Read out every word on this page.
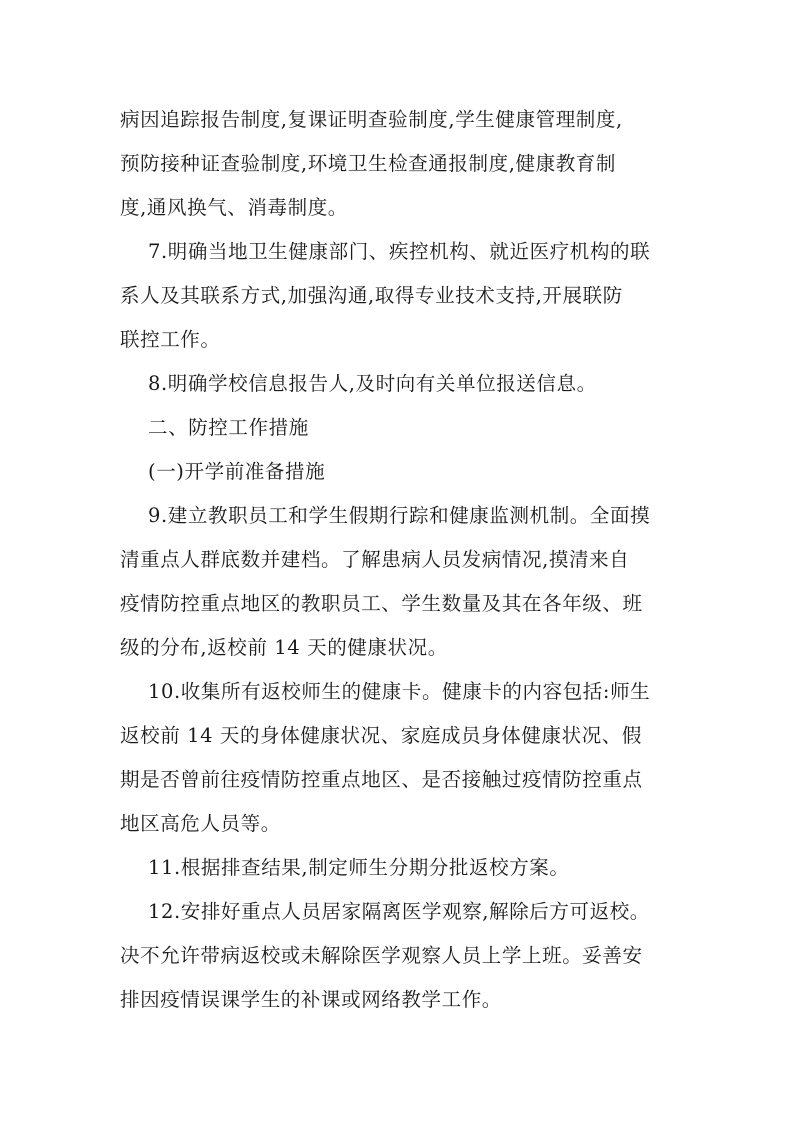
病因追踪报告制度,复课证明查验制度,学生健康管理制度,
预防接种证查验制度,环境卫生检查通报制度,健康教育制
度,通风换气、消毒制度。
7.明确当地卫生健康部门、疾控机构、就近医疗机构的联
系人及其联系方式,加强沟通,取得专业技术支持,开展联防
联控工作。
8.明确学校信息报告人,及时向有关单位报送信息。
二、防控工作措施
(一)开学前准备措施
9.建立教职员工和学生假期行踪和健康监测机制。全面摸
清重点人群底数并建档。了解患病人员发病情况,摸清来自
疫情防控重点地区的教职员工、学生数量及其在各年级、班
级的分布,返校前 14 天的健康状况。
10.收集所有返校师生的健康卡。健康卡的内容包括:师生
返校前 14 天的身体健康状况、家庭成员身体健康状况、假
期是否曾前往疫情防控重点地区、是否接触过疫情防控重点
地区高危人员等。
11.根据排查结果,制定师生分期分批返校方案。
12.安排好重点人员居家隔离医学观察,解除后方可返校。
决不允许带病返校或未解除医学观察人员上学上班。妥善安
排因疫情误课学生的补课或网络教学工作。
